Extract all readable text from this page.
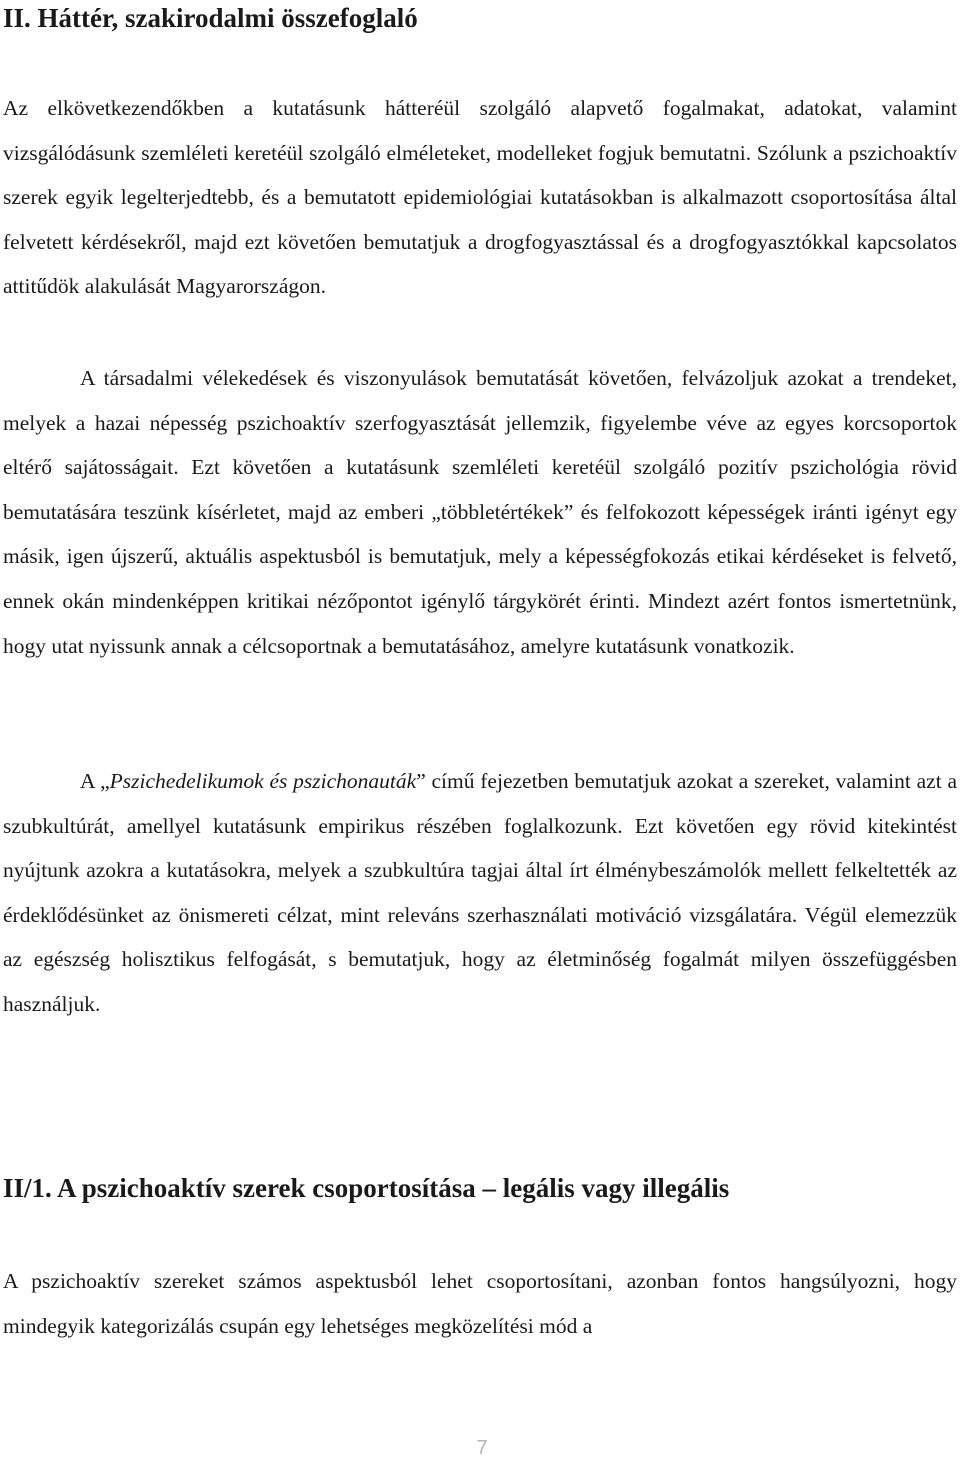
II. Háttér, szakirodalmi összefoglaló

Az elkövetkezendőkben a kutatásunk hátteréül szolgáló alapvető fogalmakat, adatokat, valamint vizsgálódásunk szemléleti keretéül szolgáló elméleteket, modelleket fogjuk bemutatni. Szólunk a pszichoaktív szerek egyik legelterjedtebb, és a bemutatott epidemiológiai kutatásokban is alkalmazott csoportosítása által felvetett kérdésekről, majd ezt követően bemutatjuk a drogfogyasztással és a drogfogyasztókkal kapcsolatos attitűdök alakulását Magyarországon.

A társadalmi vélekedések és viszonyulások bemutatását követően, felvázoljuk azokat a trendeket, melyek a hazai népesség pszichoaktív szerfogyasztását jellemzik, figyelembe véve az egyes korcsoportok eltérő sajátosságait. Ezt követően a kutatásunk szemléleti keretéül szolgáló pozitív pszichológia rövid bemutatására teszünk kísérletet, majd az emberi „többletértékek” és felfokozott képességek iránti igényt egy másik, igen újszerű, aktuális aspektusból is bemutatjuk, mely a képességfokozás etikai kérdéseket is felvető, ennek okán mindenképpen kritikai nézőpontot igénylő tárgykörét érinti. Mindezt azért fontos ismertetnünk, hogy utat nyissunk annak a célcsoportnak a bemutatásához, amelyre kutatásunk vonatkozik.

A „Pszichedelikumok és pszichonauták” című fejezetben bemutatjuk azokat a szereket, valamint azt a szubkultúrát, amellyel kutatásunk empirikus részében foglalkozunk. Ezt követően egy rövid kitekintést nyújtunk azokra a kutatásokra, melyek a szubkultúra tagjai által írt élménybeszámolók mellett felkeltették az érdeklődésünket az önismereti célzat, mint releváns szerhasználati motiváció vizsgálatára. Végül elemezzük az egészség holisztikus felfogását, s bemutatjuk, hogy az életminőség fogalmát milyen összefüggésben használjuk.

II/1. A pszichoaktív szerek csoportosítása – legális vagy illegális

A pszichoaktív szereket számos aspektusból lehet csoportosítani, azonban fontos hangsúlyozni, hogy mindegyik kategorizálás csupán egy lehetséges megközelítési mód a

7
